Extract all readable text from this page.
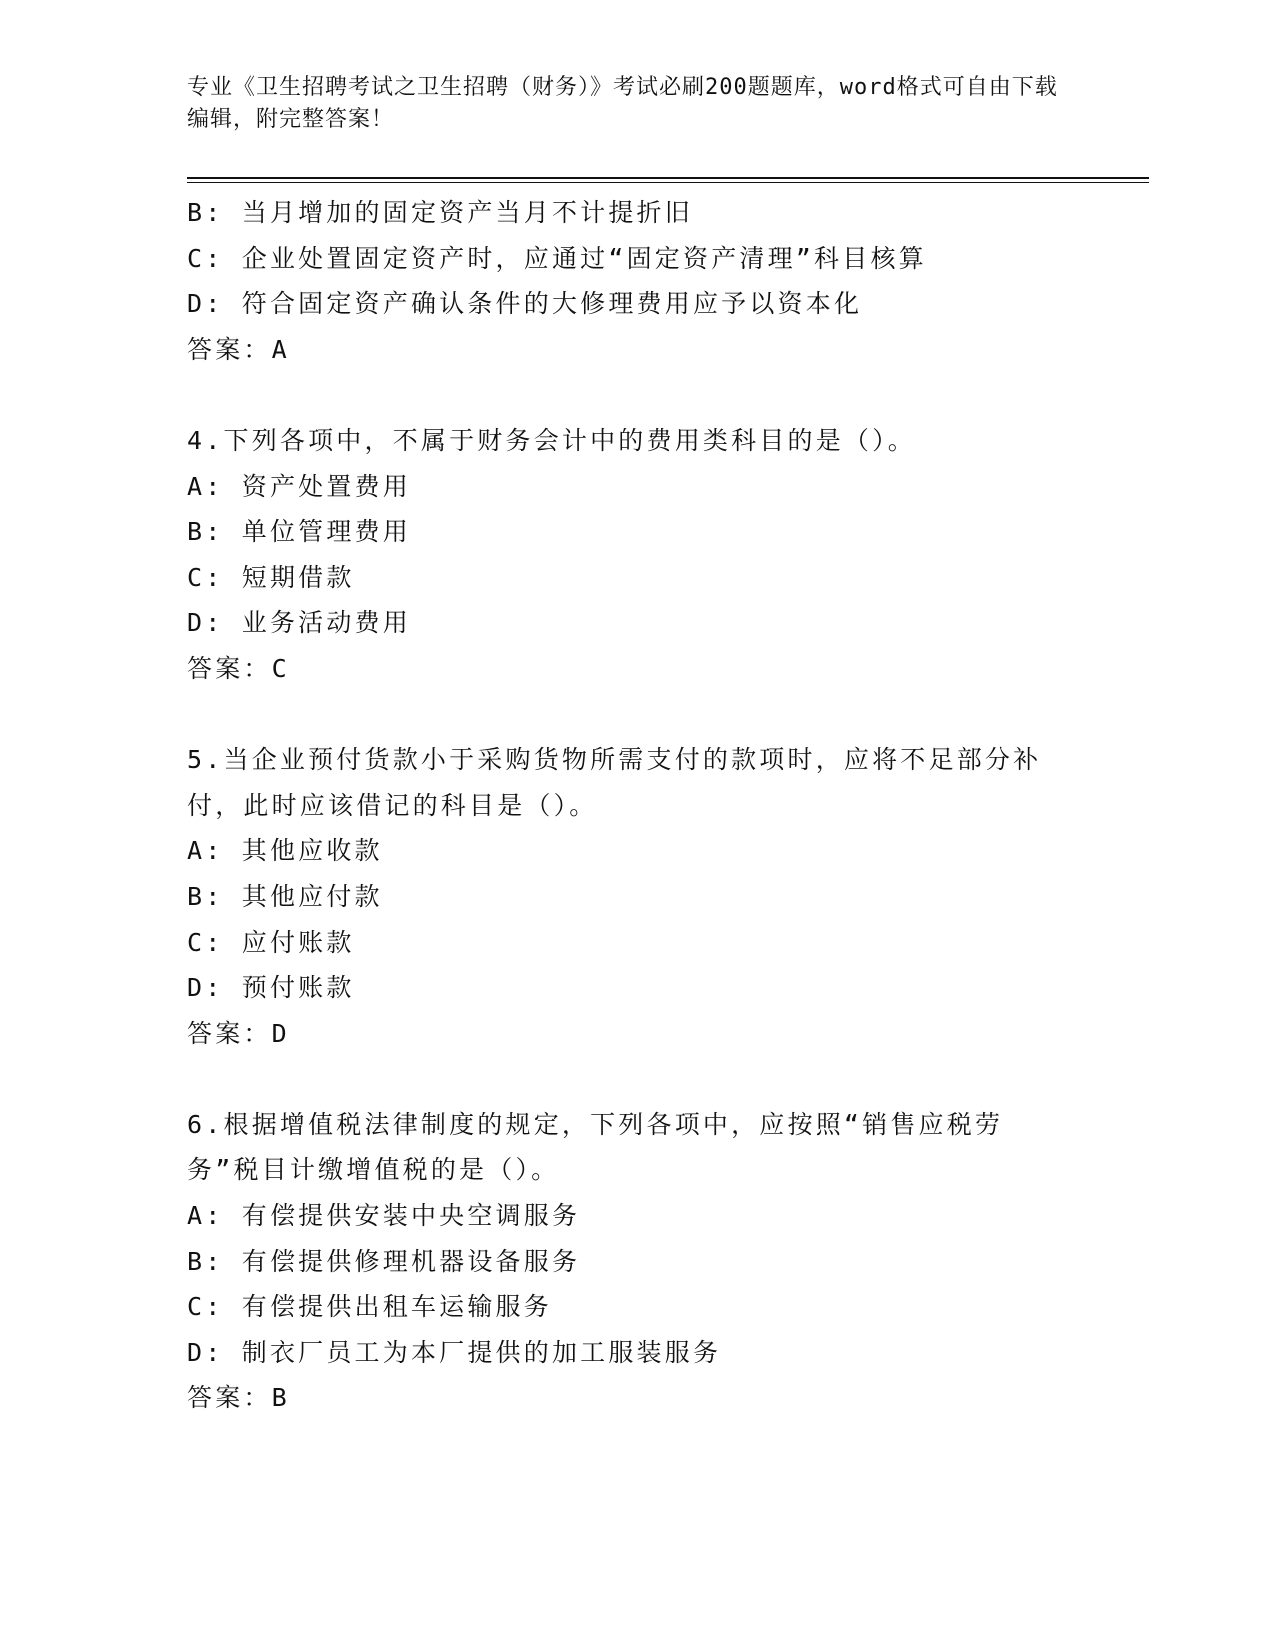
专业《卫生招聘考试之卫生招聘（财务）》考试必刷200题题库，word格式可自由下载编辑，附完整答案！

B: 当月增加的固定资产当月不计提折旧

C: 企业处置固定资产时，应通过“固定资产清理”科目核算

D: 符合固定资产确认条件的大修理费用应予以资本化

答案：A

4.下列各项中，不属于财务会计中的费用类科目的是（）。

A: 资产处置费用

B: 单位管理费用

C: 短期借款

D: 业务活动费用

答案：C

5.当企业预付货款小于采购货物所需支付的款项时，应将不足部分补付，此时应该借记的科目是（）。

A: 其他应收款

B: 其他应付款

C: 应付账款

D: 预付账款

答案：D

6.根据增值税法律制度的规定，下列各项中，应按照“销售应税劳务”税目计缴增值税的是（）。

A: 有偿提供安装中央空调服务

B: 有偿提供修理机器设备服务

C: 有偿提供出租车运输服务

D: 制衣厂员工为本厂提供的加工服装服务

答案：B
